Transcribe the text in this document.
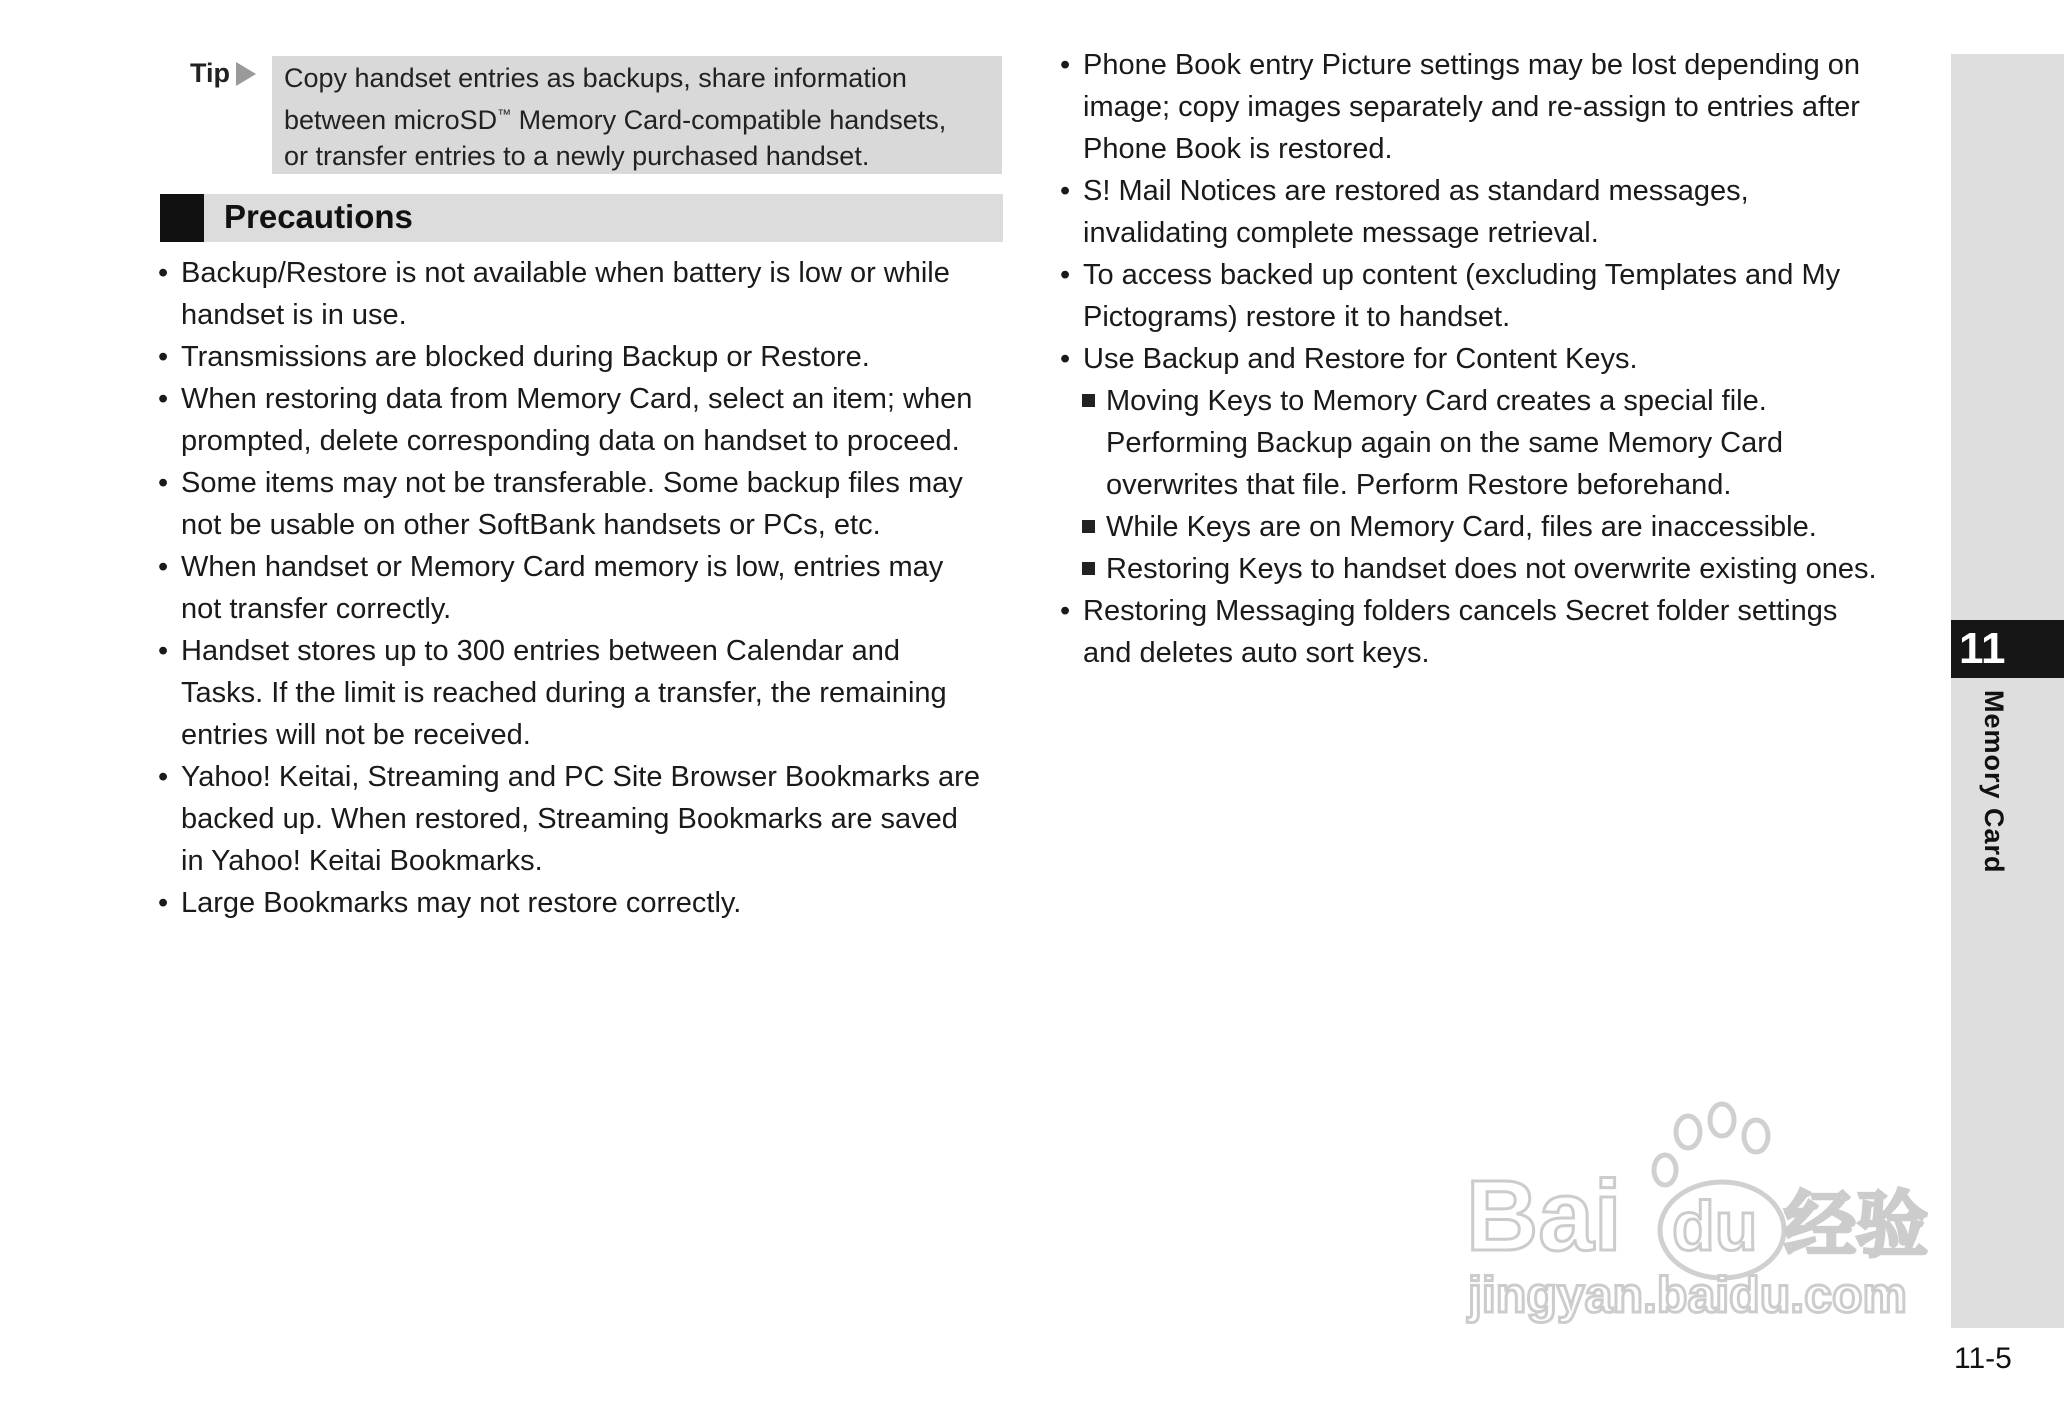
Tip Copy handset entries as backups, share information
between microSD™ Memory Card-compatible handsets,
or transfer entries to a newly purchased handset.
Precautions
• Backup/Restore is not available when battery is low or while
handset is in use.
• Transmissions are blocked during Backup or Restore.
• When restoring data from Memory Card, select an item; when
prompted, delete corresponding data on handset to proceed.
• Some items may not be transferable. Some backup files may
not be usable on other SoftBank handsets or PCs, etc.
• When handset or Memory Card memory is low, entries may
not transfer correctly.
• Handset stores up to 300 entries between Calendar and
Tasks. If the limit is reached during a transfer, the remaining
entries will not be received.
• Yahoo! Keitai, Streaming and PC Site Browser Bookmarks are
backed up. When restored, Streaming Bookmarks are saved
in Yahoo! Keitai Bookmarks.
• Large Bookmarks may not restore correctly.
• Phone Book entry Picture settings may be lost depending on
image; copy images separately and re-assign to entries after
Phone Book is restored.
• S! Mail Notices are restored as standard messages,
invalidating complete message retrieval.
• To access backed up content (excluding Templates and My
Pictograms) restore it to handset.
• Use Backup and Restore for Content Keys.
Moving Keys to Memory Card creates a special file.
Performing Backup again on the same Memory Card
overwrites that file. Perform Restore beforehand.
While Keys are on Memory Card, files are inaccessible.
Restoring Keys to handset does not overwrite existing ones.
• Restoring Messaging folders cancels Secret folder settings
and deletes auto sort keys.	11
Memory Card
Bai du 经验
jingyan.baidu.com
11-5
